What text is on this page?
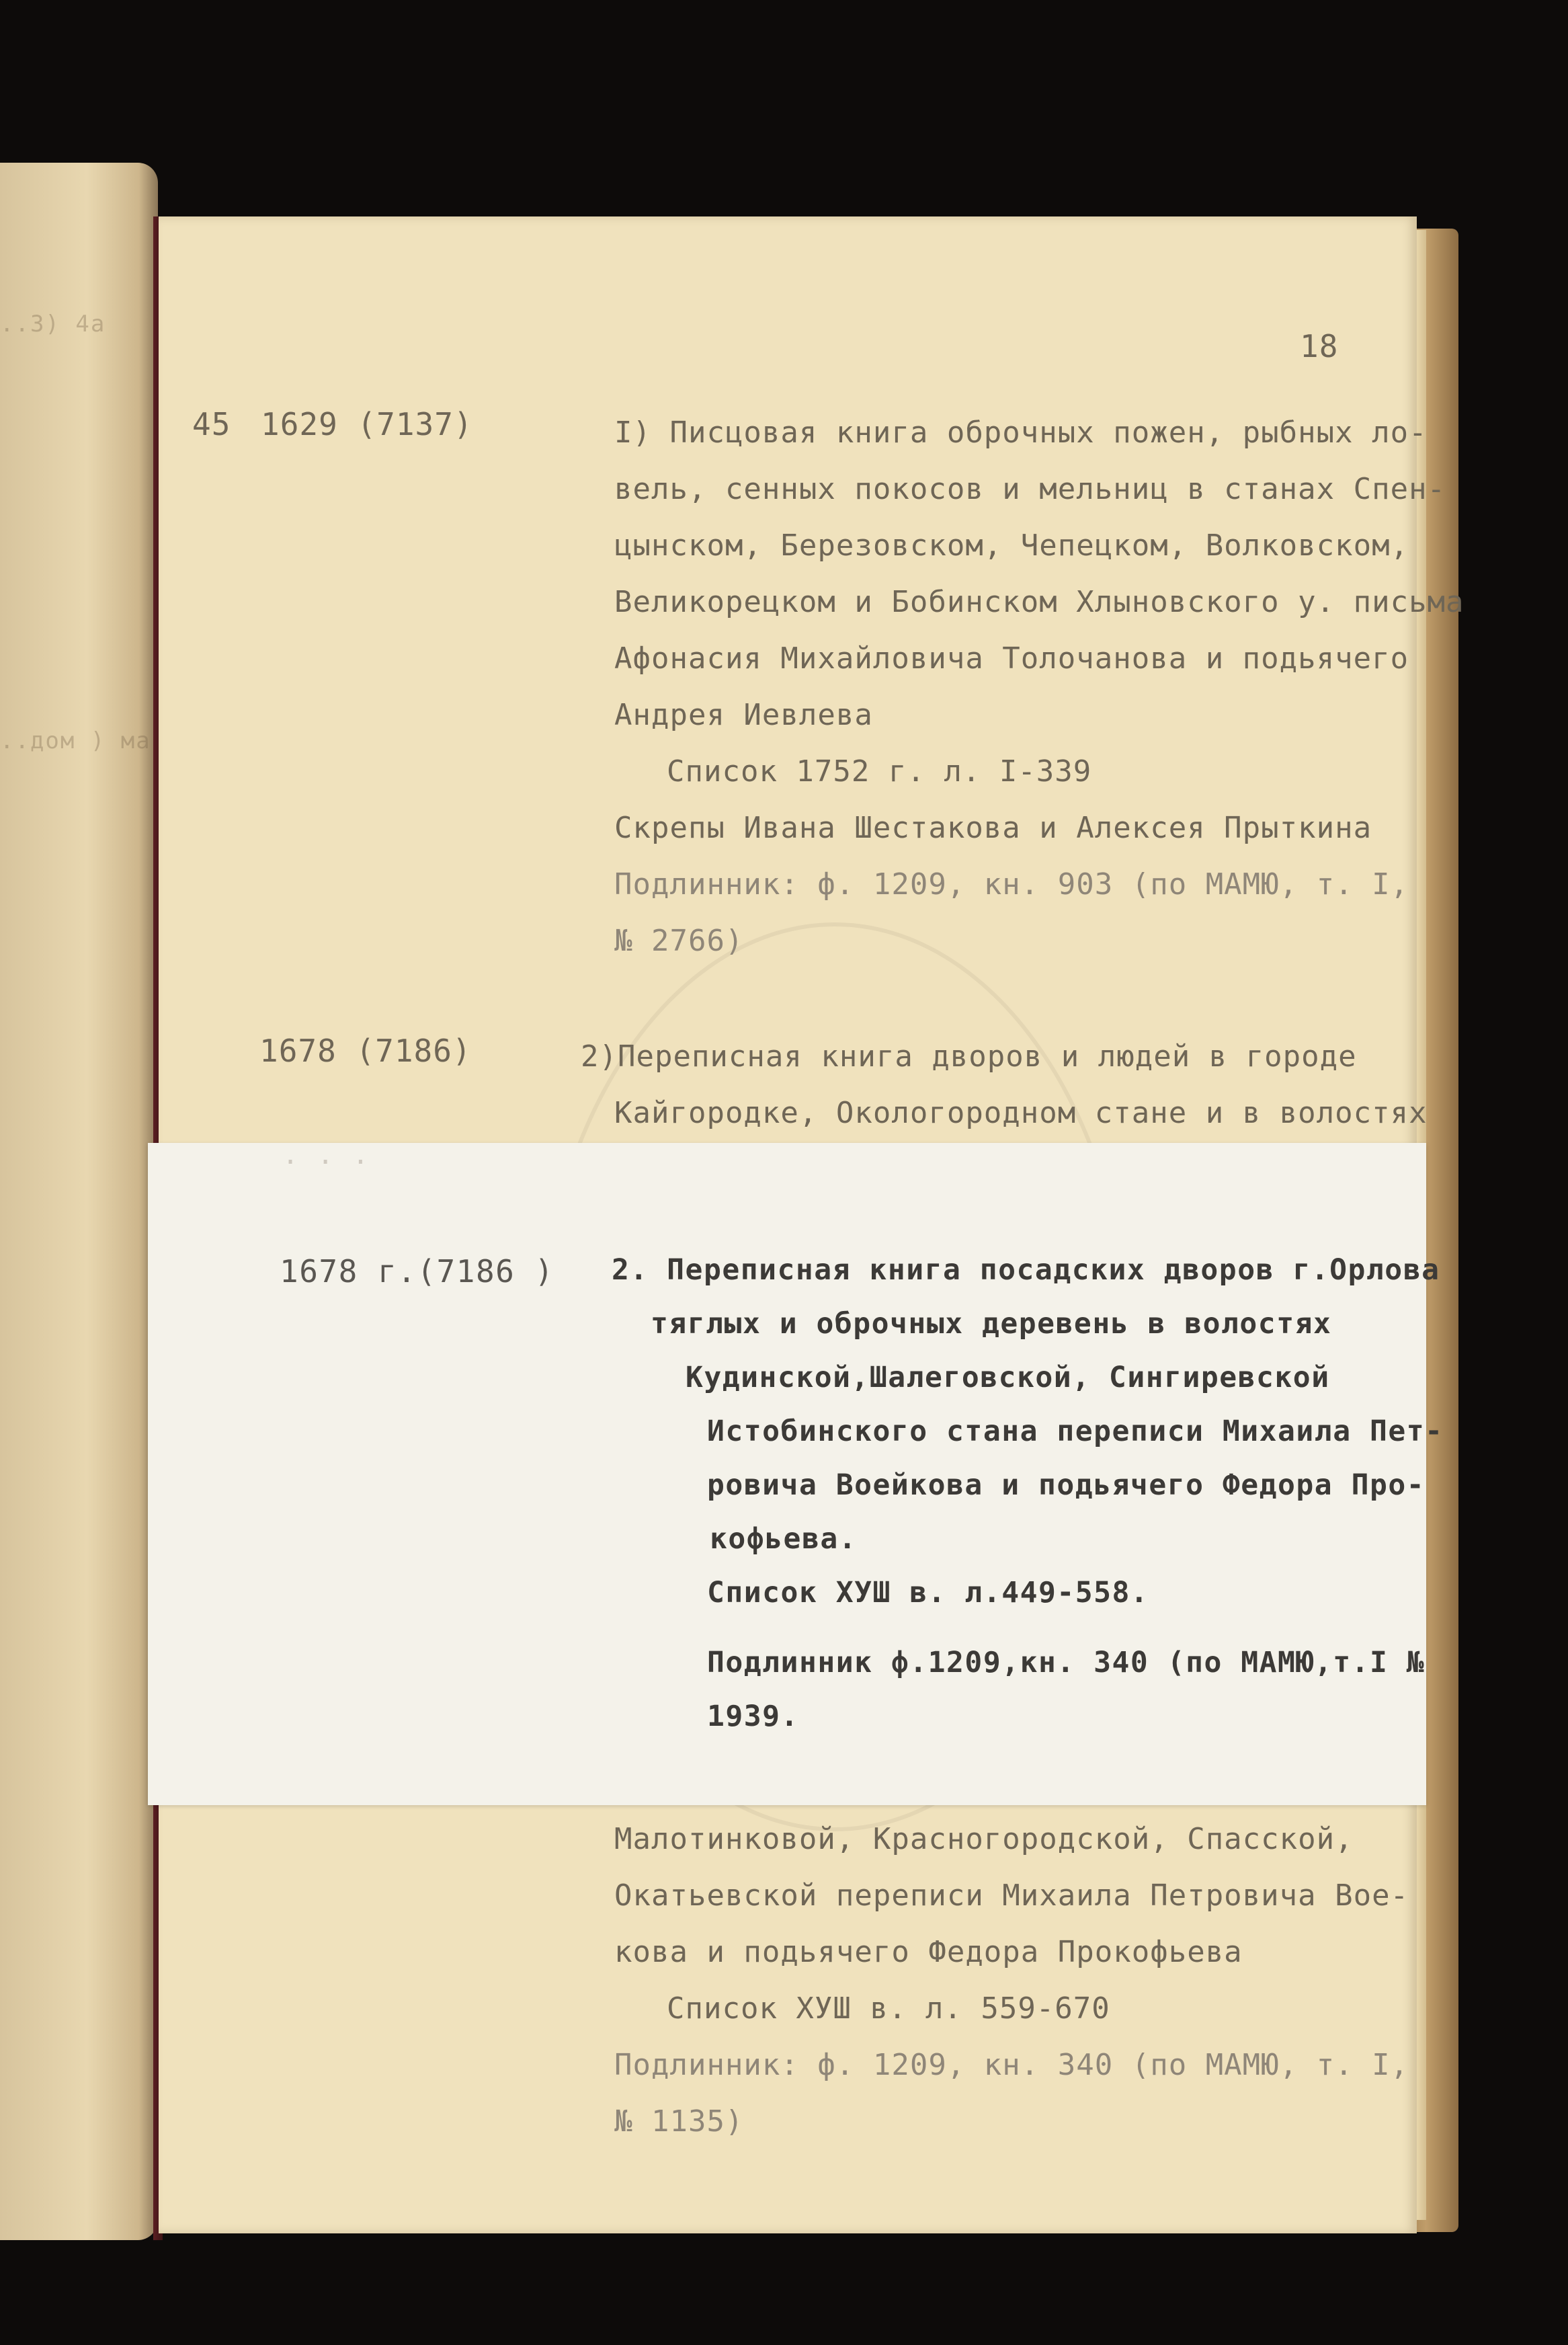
..3) 4а
..дом ) ма
18
45 1629 (7137)	I) Писцовая книга оброчных пожен, рыбных ло-
вель, сенных покосов и мельниц в станах Спен-
цынском, Березовском, Чепецком, Волковском,
Великорецком и Бобинском Хлыновского у. письма
Афонасия Михайловича Толочанова и подьячего
Андрея Иевлева
Список 1752 г. л. I-339
Скрепы Ивана Шестакова и Алексея Прыткина
Подлинник: ф. 1209, кн. 903 (по МАМЮ, т. I,
№ 2766)
1678 (7186)	2)Переписная книга дворов и людей в городе
Кайгородке, Окологородном стане и в волостях
Малотинковой, Красногородской, Спасской,
Окатьевской переписи Михаила Петровича Вое-
кова и подьячего Федора Прокофьева
Список ХУШ в. л. 559-670
Подлинник: ф. 1209, кн. 340 (по МАМЮ, т. I,
№ 1135)
· · ·
1678 г.(7186 ) 2. Переписная книга посадских дворов г.Орлова
тяглых и оброчных деревень в волостях
Кудинской,Шалеговской, Сингиревской
Истобинского стана переписи Михаила Пет-
ровича Воейкова и подьячего Федора Про-
кофьева.
Список ХУШ в. л.449-558.
Подлинник ф.1209,кн. 340 (по МАМЮ,т.I №
1939.
